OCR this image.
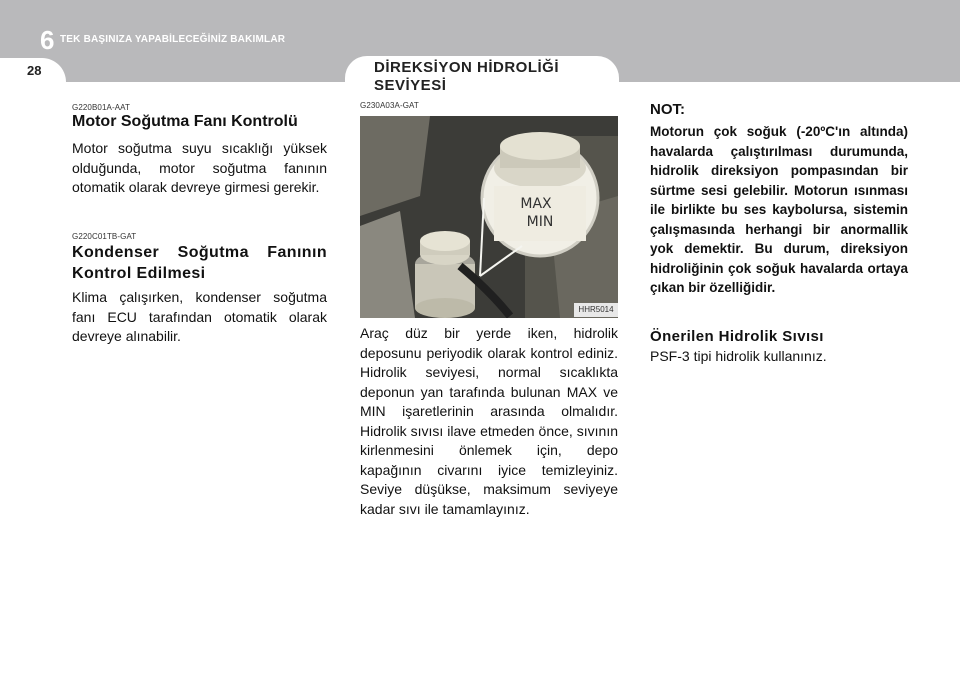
6 TEK BAŞINIZA YAPABİLECEĞİNİZ BAKIMLAR
28	DİREKSİYON HİDROLİĞİ SEVİYESİ
G220B01A-AAT
Motor Soğutma Fanı Kontrolü
Motor soğutma suyu sıcaklığı yüksek olduğunda, motor soğutma fanının otomatik olarak devreye girmesi gerekir.
G220C01TB-GAT
Kondenser Soğutma Fanının Kontrol Edilmesi
Klima çalışırken, kondenser soğutma fanı ECU tarafından otomatik olarak devreye alınabilir.
G230A03A-GAT
MAX
MIN
HHR5014
Araç düz bir yerde iken, hidrolik deposunu periyodik olarak kontrol ediniz. Hidrolik seviyesi, normal sıcaklıkta deponun yan tarafında bulunan MAX ve MIN işaretlerinin arasında olmalıdır. Hidrolik sıvısı ilave etmeden önce, sıvının kirlenmesini önlemek için, depo kapağının civarını iyice temizleyiniz. Seviye düşükse, maksimum seviyeye kadar sıvı ile tamamlayınız.
NOT:
Motorun çok soğuk (-20ºC'ın altında) havalarda çalıştırılması durumunda, hidrolik direksiyon pompasından bir sürtme sesi gelebilir. Motorun ısınması ile birlikte bu ses kaybolursa, sistemin çalışmasında herhangi bir anormallik yok demektir. Bu durum, direksiyon hidroliğinin çok soğuk havalarda ortaya çıkan bir özelliğidir.
Önerilen Hidrolik Sıvısı
PSF-3 tipi hidrolik kullanınız.
